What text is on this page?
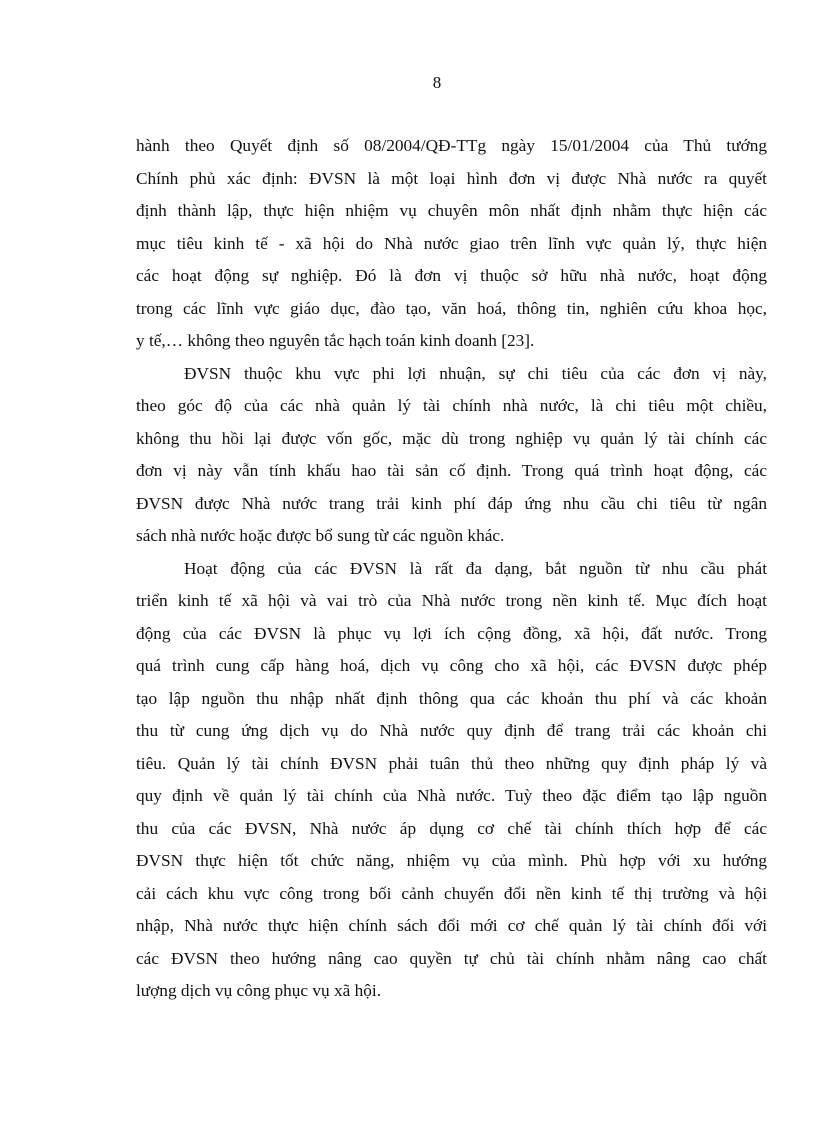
8

hành theo Quyết định số 08/2004/QĐ-TTg ngày 15/01/2004 của Thủ tướng
Chính phủ xác định: ĐVSN là một loại hình đơn vị được Nhà nước ra quyết
định thành lập, thực hiện nhiệm vụ chuyên môn nhất định nhằm thực hiện các
mục tiêu kinh tế - xã hội do Nhà nước giao trên lĩnh vực quản lý, thực hiện
các hoạt động sự nghiệp. Đó là đơn vị thuộc sở hữu nhà nước, hoạt động
trong các lĩnh vực giáo dục, đào tạo, văn hoá, thông tin, nghiên cứu khoa học,
y tế,… không theo nguyên tắc hạch toán kinh doanh [23].

ĐVSN thuộc khu vực phi lợi nhuận, sự chi tiêu của các đơn vị này,
theo góc độ của các nhà quản lý tài chính nhà nước, là chi tiêu một chiều,
không thu hồi lại được vốn gốc, mặc dù trong nghiệp vụ quản lý tài chính các
đơn vị này vẫn tính khấu hao tài sản cố định. Trong quá trình hoạt động, các
ĐVSN được Nhà nước trang trải kinh phí đáp ứng nhu cầu chi tiêu từ ngân
sách nhà nước hoặc được bổ sung từ các nguồn khác.

Hoạt động của các ĐVSN là rất đa dạng, bắt nguồn từ nhu cầu phát
triển kinh tế xã hội và vai trò của Nhà nước trong nền kinh tế. Mục đích hoạt
động của các ĐVSN là phục vụ lợi ích cộng đồng, xã hội, đất nước. Trong
quá trình cung cấp hàng hoá, dịch vụ công cho xã hội, các ĐVSN được phép
tạo lập nguồn thu nhập nhất định thông qua các khoản thu phí và các khoản
thu từ cung ứng dịch vụ do Nhà nước quy định để trang trải các khoản chi
tiêu. Quản lý tài chính ĐVSN phải tuân thủ theo những quy định pháp lý và
quy định về quản lý tài chính của Nhà nước. Tuỳ theo đặc điểm tạo lập nguồn
thu của các ĐVSN, Nhà nước áp dụng cơ chế tài chính thích hợp để các
ĐVSN thực hiện tốt chức năng, nhiệm vụ của mình. Phù hợp với xu hướng
cải cách khu vực công trong bối cảnh chuyển đổi nền kinh tế thị trường và hội
nhập, Nhà nước thực hiện chính sách đổi mới cơ chế quản lý tài chính đối với
các ĐVSN theo hướng nâng cao quyền tự chủ tài chính nhằm nâng cao chất
lượng dịch vụ công phục vụ xã hội.
